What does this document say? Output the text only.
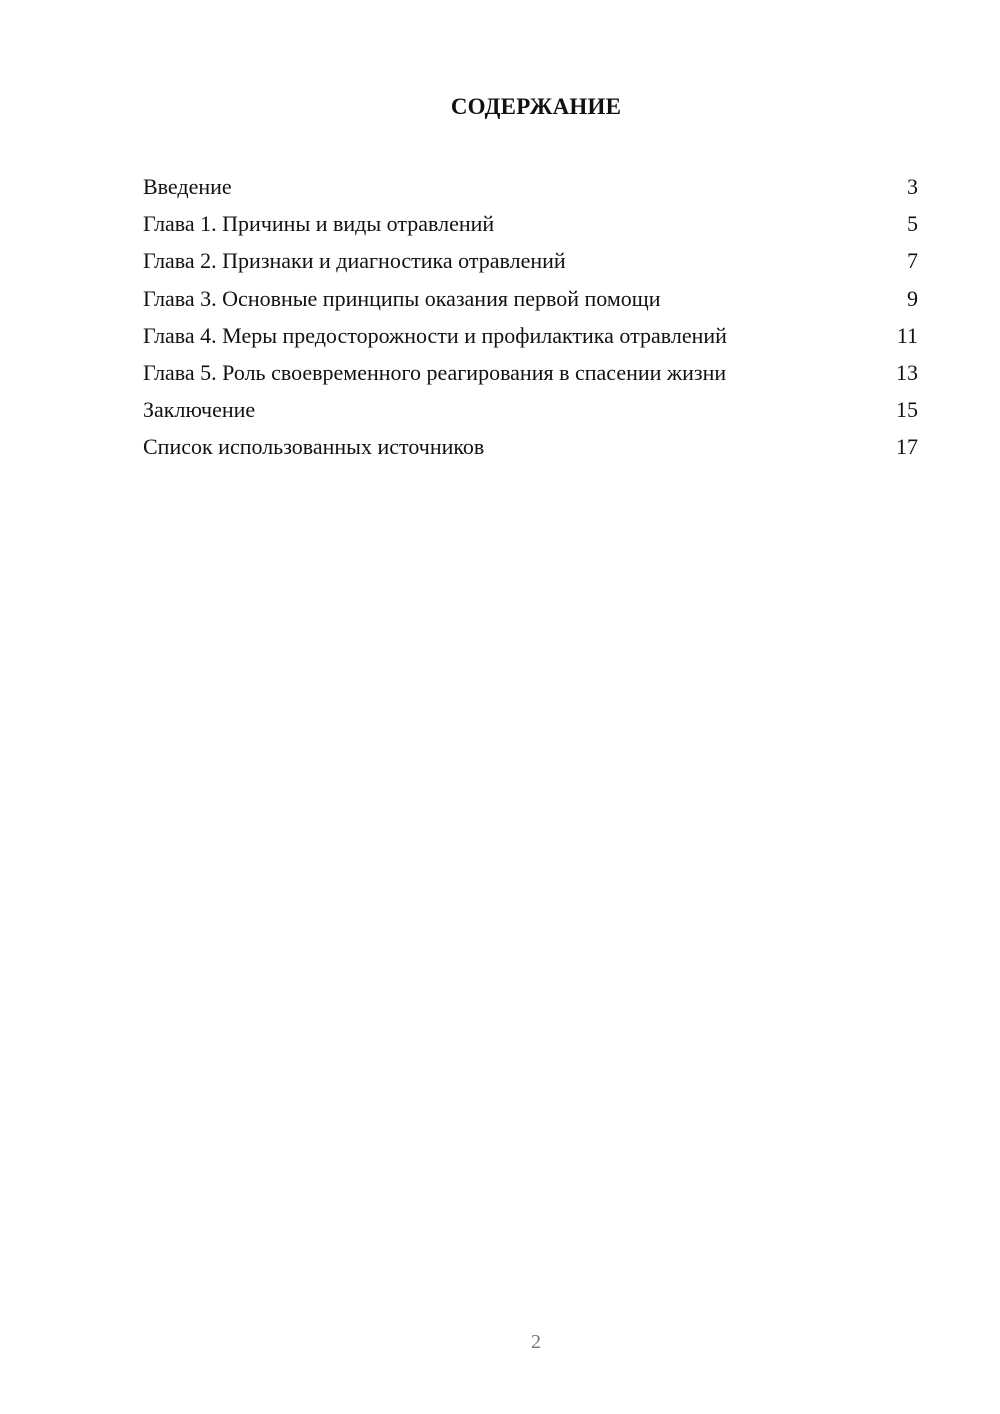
СОДЕРЖАНИЕ
Введение	3
Глава 1. Причины и виды отравлений	5
Глава 2. Признаки и диагностика отравлений	7
Глава 3. Основные принципы оказания первой помощи	9
Глава 4. Меры предосторожности и профилактика отравлений	11
Глава 5. Роль своевременного реагирования в спасении жизни	13
Заключение	15
Список использованных источников	17
2
